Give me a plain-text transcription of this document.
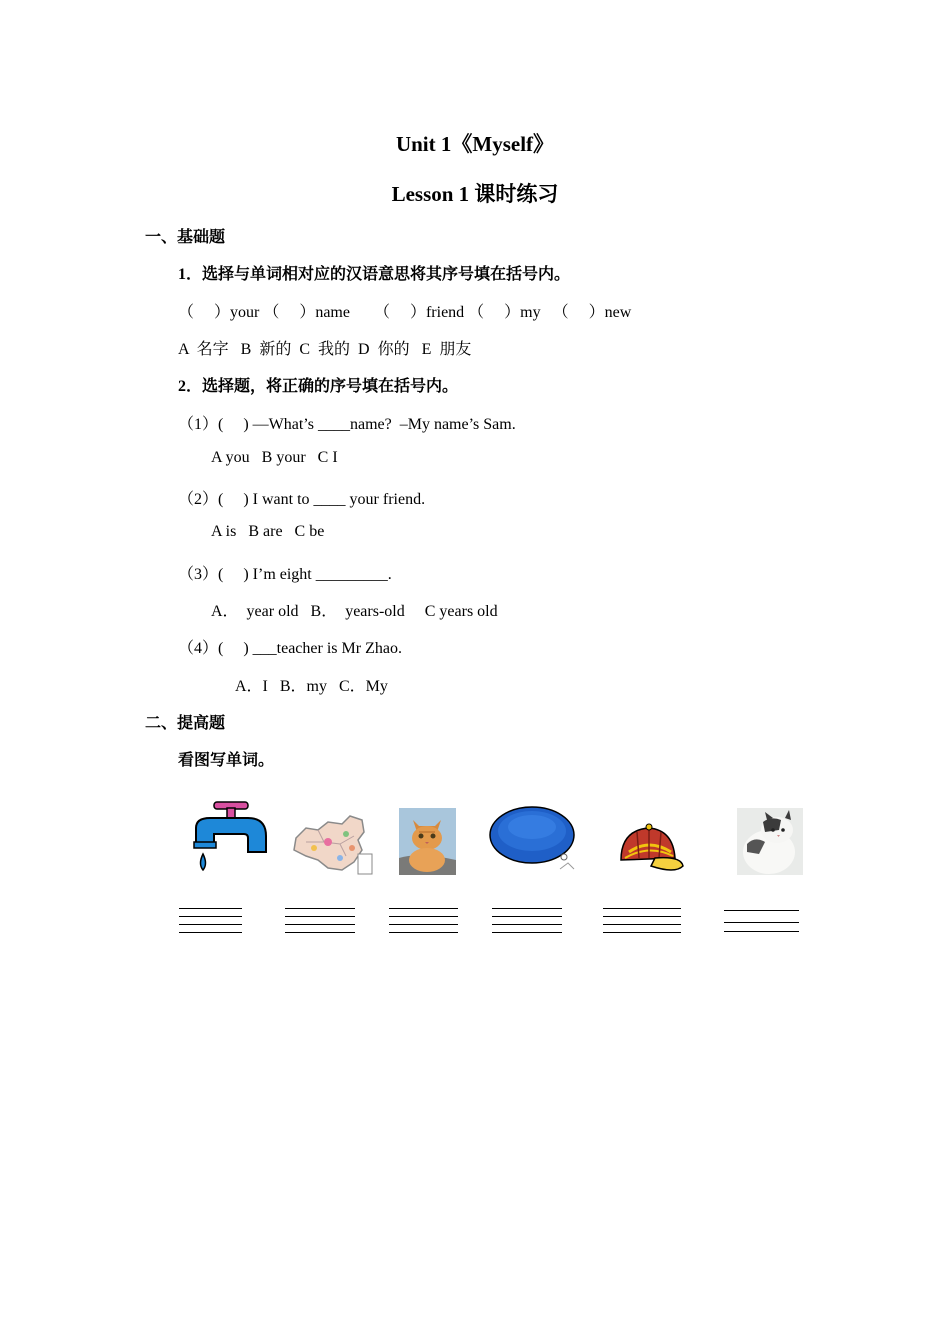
Unit 1《Myself》
Lesson 1 课时练习
一、基础题
1．选择与单词相对应的汉语意思将其序号填在括号内。
（　 ）your （　 ）name 　 （　 ）friend （　 ）my 　（　 ）new
A  名字   B  新的  C  我的  D  你的   E  朋友
2．选择题，将正确的序号填在括号内。
（1）(　 ) —What’s ____name?  –My name’s Sam.
A you   B your   C I
（2）(　 ) I want to ____ your friend.
A is   B are   C be
（3）(　 ) I’m eight _________.
A．  year old   B．  years-old     C years old
（4）(　 ) ___teacher is Mr Zhao.
A．I   B．my   C．My
二、提高题
看图写单词。
